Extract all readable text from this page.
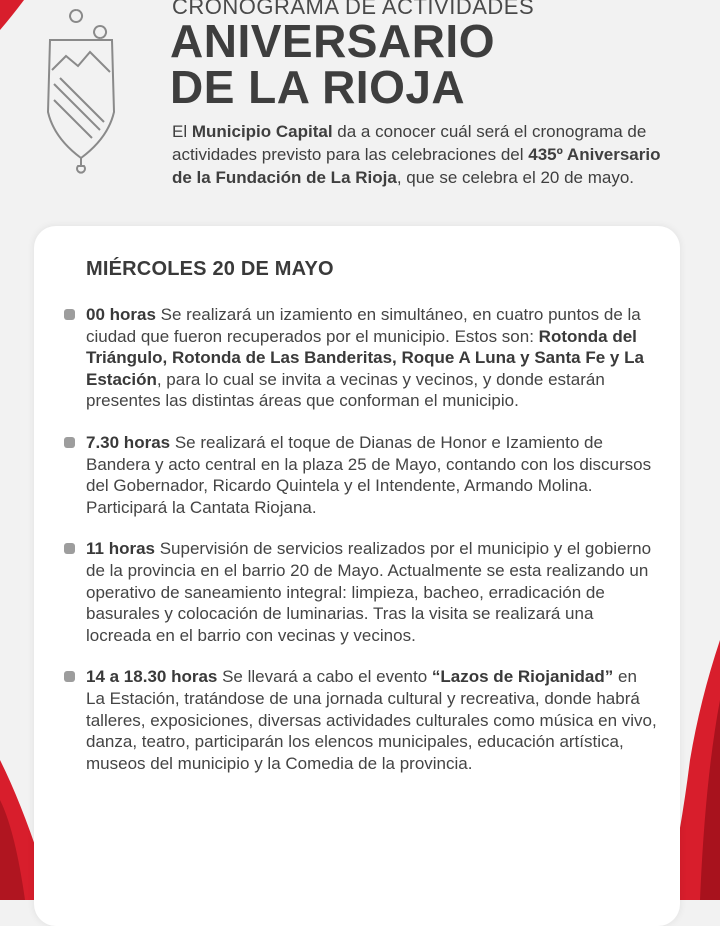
CRONOGRAMA DE ACTIVIDADES

ANIVERSARIO
DE LA RIOJA

El Municipio Capital da a conocer cuál será el cronograma de actividades previsto para las celebraciones del 435º Aniversario de la Fundación de La Rioja, que se celebra el 20 de mayo.

MIÉRCOLES 20 DE MAYO
00 horas Se realizará un izamiento en simultáneo, en cuatro puntos de la ciudad que fueron recuperados por el municipio. Estos son: Rotonda del Triángulo, Rotonda de Las Banderitas, Roque A Luna y Santa Fe y La Estación, para lo cual se invita a vecinas y vecinos, y donde estarán presentes las distintas áreas que conforman el municipio.
7.30 horas Se realizará el toque de Dianas de Honor e Izamiento de Bandera y acto central en la plaza 25 de Mayo, contando con los discursos del Gobernador, Ricardo Quintela y el Intendente, Armando Molina. Participará la Cantata Riojana.
11 horas Supervisión de servicios realizados por el municipio y el gobierno de la provincia en el barrio 20 de Mayo. Actualmente se esta realizando un operativo de saneamiento integral: limpieza, bacheo, erradicación de basurales y colocación de luminarias. Tras la visita se realizará una locreada en el barrio con vecinas y vecinos.
14 a 18.30 horas Se llevará a cabo el evento “Lazos de Riojanidad” en La Estación, tratándose de una jornada cultural y recreativa, donde habrá talleres, exposiciones, diversas actividades culturales como música en vivo, danza, teatro, participarán los elencos municipales, educación artística, museos del municipio y la Comedia de la provincia.
